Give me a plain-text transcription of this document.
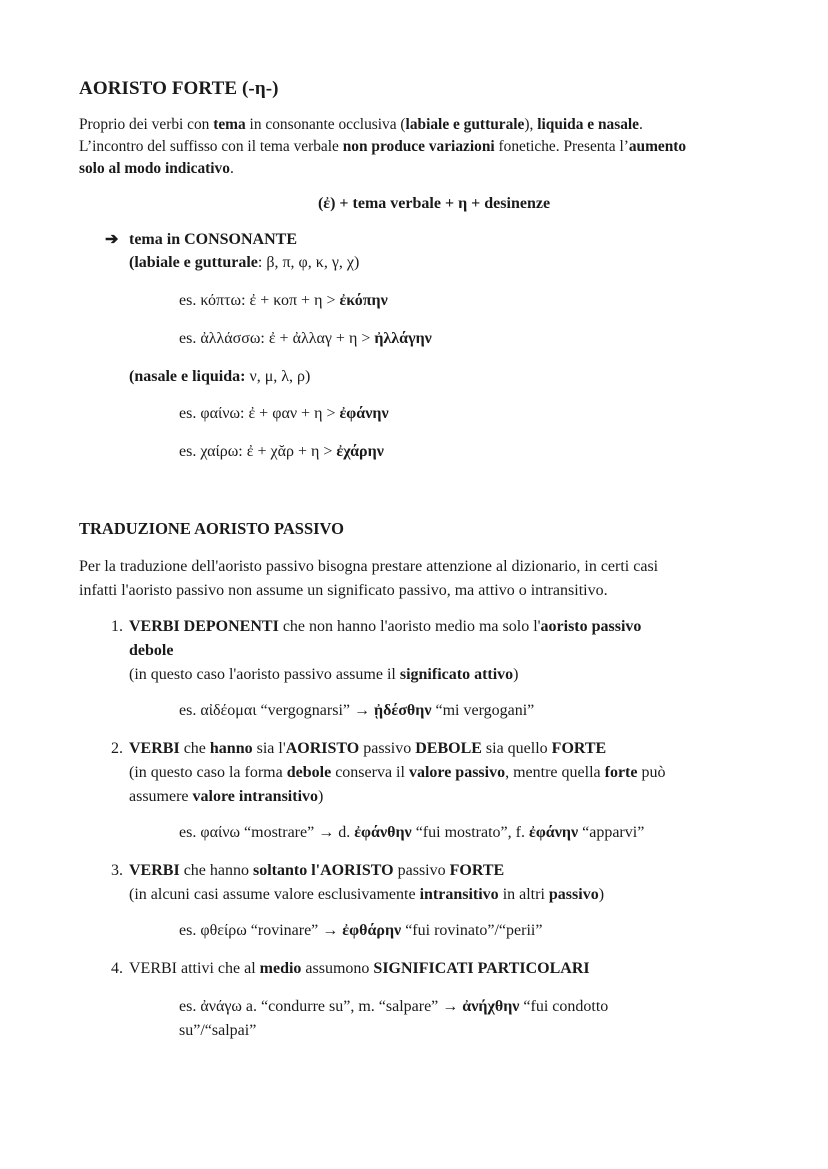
AORISTO FORTE (-η-)

Proprio dei verbi con tema in consonante occlusiva (labiale e gutturale), liquida e nasale.

L’incontro del suffisso con il tema verbale non produce variazioni fonetiche. Presenta l’aumento

solo al modo indicativo.

(ἐ) + tema verbale + η + desinenze
➔ tema in CONSONANTE
(labiale e gutturale: β, π, φ, κ, γ, χ)
es. κόπτω: ἐ + κοπ + η > ἐκόπην
es. ἀλλάσσω: ἐ + ἀλλαγ + η > ἠλλάγην
(nasale e liquida: ν, μ, λ, ρ)
es. φαίνω: ἐ + φαν + η > ἐφάνην
es. χαίρω: ἐ + χᾰρ + η > ἐχάρην
TRADUZIONE AORISTO PASSIVO

Per la traduzione dell'aoristo passivo bisogna prestare attenzione al dizionario, in certi casi

infatti l'aoristo passivo non assume un significato passivo, ma attivo o intransitivo.

1. VERBI DEPONENTI che non hanno l'aoristo medio ma solo l'aoristo passivo
debole
(in questo caso l'aoristo passivo assume il significato attivo)
es. αἰδέομαι “vergognarsi” → ᾐδέσθην “mi vergogani”
2. VERBI che hanno sia l'AORISTO passivo DEBOLE sia quello FORTE
(in questo caso la forma debole conserva il valore passivo, mentre quella forte può
assumere valore intransitivo)
es. φαίνω “mostrare” → d. ἐφάνθην “fui mostrato”, f. ἐφάνην “apparvi”
3. VERBI che hanno soltanto l'AORISTO passivo FORTE
(in alcuni casi assume valore esclusivamente intransitivo in altri passivo)
es. φθείρω “rovinare” → ἐφθάρην “fui rovinato”/“perii”
4. VERBI attivi che al medio assumono SIGNIFICATI PARTICOLARI
es. ἀνάγω a. “condurre su”, m. “salpare” → ἀνήχθην “fui condotto
su”/“salpai”
